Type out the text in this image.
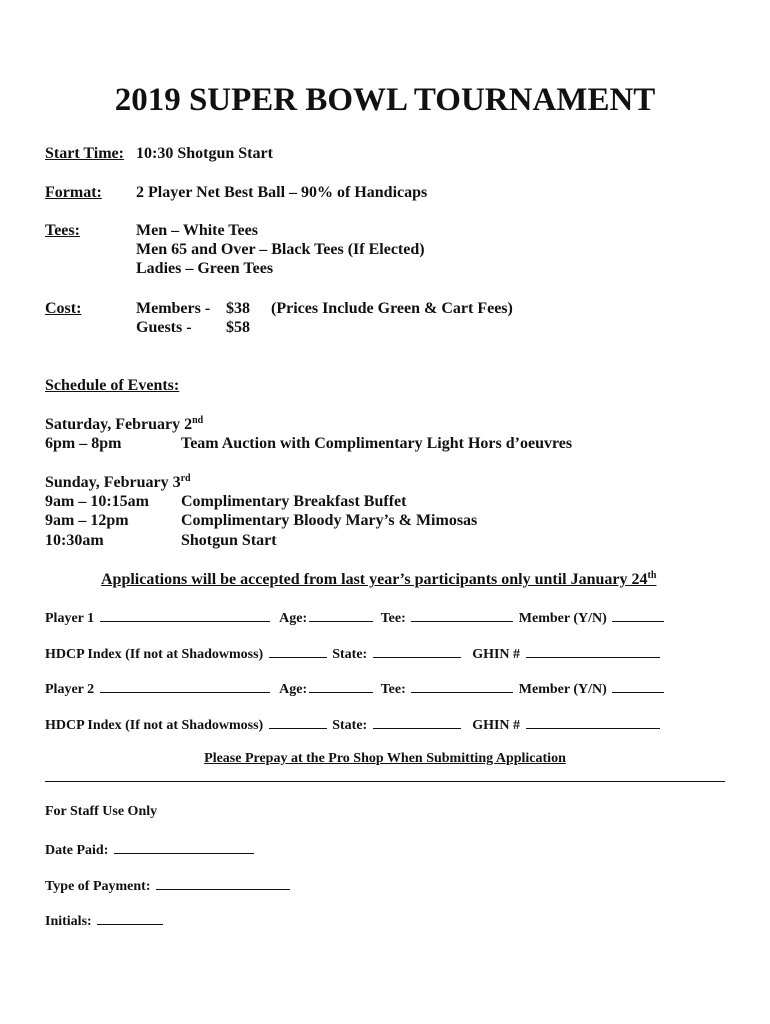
2019 SUPER BOWL TOURNAMENT
Start Time: 10:30 Shotgun Start
Format: 2 Player Net Best Ball – 90% of Handicaps
Tees:	Men – White Tees
Men 65 and Over – Black Tees (If Elected)
Ladies – Green Tees
Cost:	Members - $38 (Prices Include Green & Cart Fees)
Guests - $58
Schedule of Events:
Saturday, February 2nd
6pm – 8pm	Team Auction with Complimentary Light Hors d’oeuvres
Sunday, February 3rd
9am – 10:15am Complimentary Breakfast Buffet
9am – 12pm	Complimentary Bloody Mary’s & Mimosas
10:30am	Shotgun Start
Applications will be accepted from last year’s participants only until January 24th
Player 1	Age:	Tee:	Member (Y/N)
HDCP Index (If not at Shadowmoss)	State:	GHIN #
Player 2	Age:	Tee:	Member (Y/N)
HDCP Index (If not at Shadowmoss)	State:	GHIN #
Please Prepay at the Pro Shop When Submitting Application
For Staff Use Only
Date Paid:
Type of Payment:
Initials:
